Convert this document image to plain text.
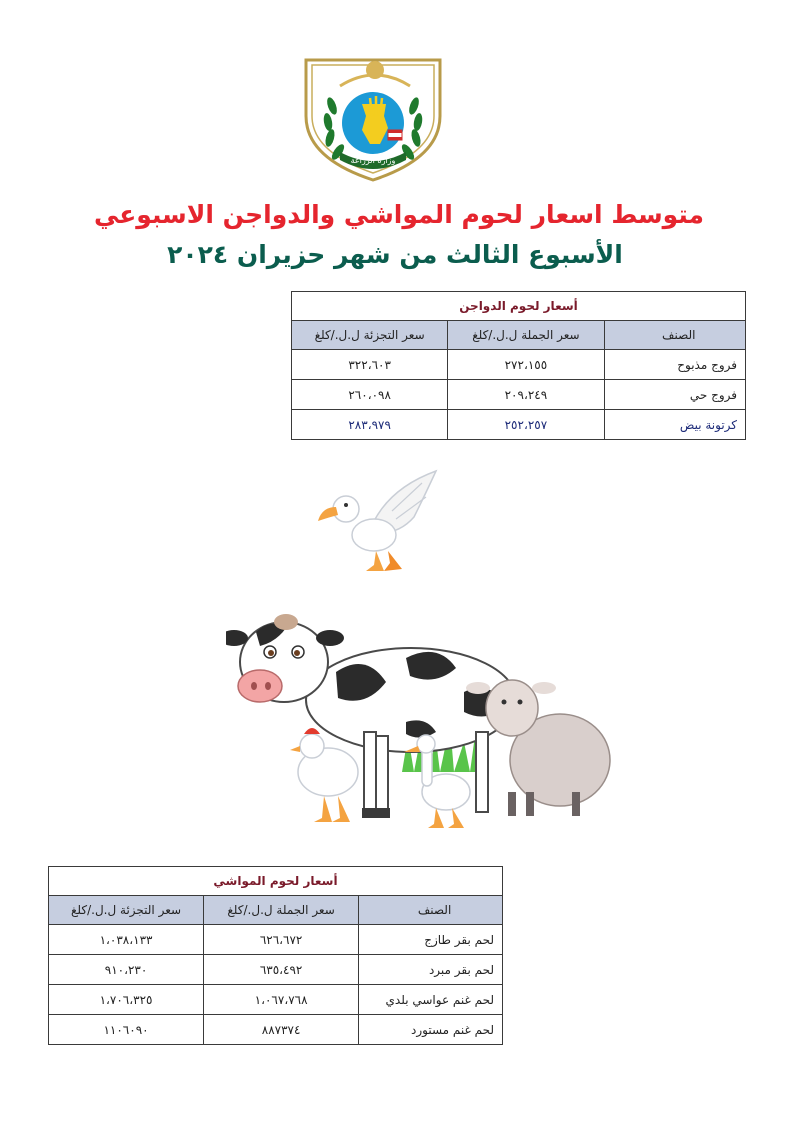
وزارة الزراعة
متوسط اسعار لحوم المواشي والدواجن الاسبوعي
الأسبوع الثالث من شهر حزيران ٢٠٢٤
أسعار لحوم الدواجن		
الصنف	سعر الجملة ل.ل./كلغ	سعر التجزئة ل.ل./كلغ
فروج مذبوح	٢٧٢،١٥٥	٣٢٢،٦٠٣
فروج حي	٢٠٩،٢٤٩	٢٦٠،٠٩٨
كرتونة بيض	٢٥٢،٢٥٧	٢٨٣،٩٧٩
أسعار لحوم المواشي		
الصنف	سعر الجملة ل.ل./كلغ	سعر التجزئة ل.ل./كلغ
لحم بقر طازج	٦٢٦،٦٧٢	١،٠٣٨،١٣٣
لحم بقر مبرد	٦٣٥،٤٩٢	٩١٠،٢٣٠
لحم غنم عواسي بلدي	١،٠٦٧،٧٦٨	١،٧٠٦،٣٢٥
لحم غنم مستورد	٨٨٧٣٧٤	١١٠٦٠٩٠
